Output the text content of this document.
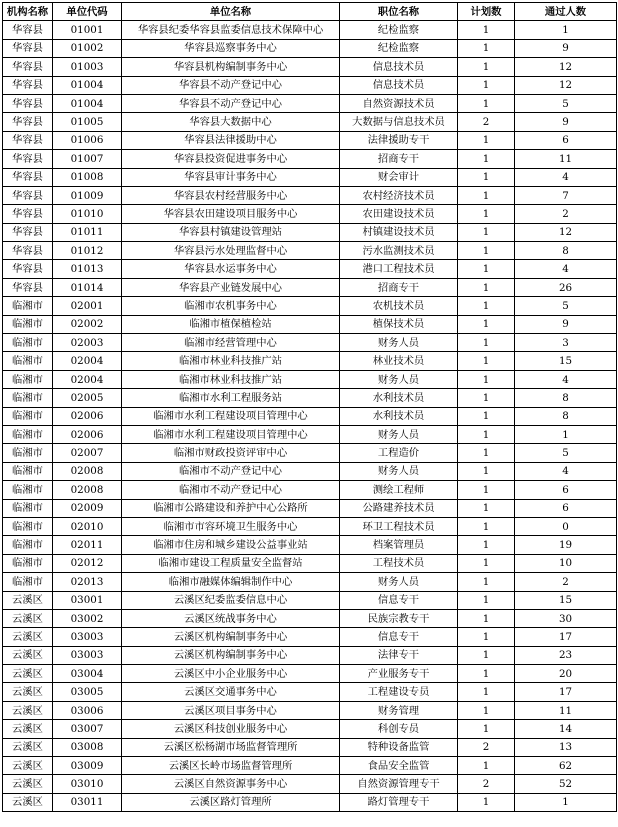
机构名称	单位代码	单位名称	职位名称	计划数	通过人数
华容县	01001	华容县纪委华容县监委信息技术保障中心	纪检监察	1	1
华容县	01002	华容县巡察事务中心	纪检监察	1	9
华容县	01003	华容县机构编制事务中心	信息技术员	1	12
华容县	01004	华容县不动产登记中心	信息技术员	1	12
华容县	01004	华容县不动产登记中心	自然资源技术员	1	5
华容县	01005	华容县大数据中心	大数据与信息技术员	2	9
华容县	01006	华容县法律援助中心	法律援助专干	1	6
华容县	01007	华容县投资促进事务中心	招商专干	1	11
华容县	01008	华容县审计事务中心	财会审计	1	4
华容县	01009	华容县农村经营服务中心	农村经济技术员	1	7
华容县	01010	华容县农田建设项目服务中心	农田建设技术员	1	2
华容县	01011	华容县村镇建设管理站	村镇建设技术员	1	12
华容县	01012	华容县污水处理监督中心	污水监测技术员	1	8
华容县	01013	华容县水运事务中心	港口工程技术员	1	4
华容县	01014	华容县产业链发展中心	招商专干	1	26
临湘市	02001	临湘市农机事务中心	农机技术员	1	5
临湘市	02002	临湘市植保植检站	植保技术员	1	9
临湘市	02003	临湘市经营管理中心	财务人员	1	3
临湘市	02004	临湘市林业科技推广站	林业技术员	1	15
临湘市	02004	临湘市林业科技推广站	财务人员	1	4
临湘市	02005	临湘市水利工程服务站	水利技术员	1	8
临湘市	02006	临湘市水利工程建设项目管理中心	水利技术员	1	8
临湘市	02006	临湘市水利工程建设项目管理中心	财务人员	1	1
临湘市	02007	临湘市财政投资评审中心	工程造价	1	5
临湘市	02008	临湘市不动产登记中心	财务人员	1	4
临湘市	02008	临湘市不动产登记中心	测绘工程师	1	6
临湘市	02009	临湘市公路建设和养护中心公路所	公路建养技术员	1	6
临湘市	02010	临湘市市容环境卫生服务中心	环卫工程技术员	1	0
临湘市	02011	临湘市住房和城乡建设公益事业站	档案管理员	1	19
临湘市	02012	临湘市建设工程质量安全监督站	工程技术员	1	10
临湘市	02013	临湘市融媒体编辑制作中心	财务人员	1	2
云溪区	03001	云溪区纪委监委信息中心	信息专干	1	15
云溪区	03002	云溪区统战事务中心	民族宗教专干	1	30
云溪区	03003	云溪区机构编制事务中心	信息专干	1	17
云溪区	03003	云溪区机构编制事务中心	法律专干	1	23
云溪区	03004	云溪区中小企业服务中心	产业服务专干	1	20
云溪区	03005	云溪区交通事务中心	工程建设专员	1	17
云溪区	03006	云溪区项目事务中心	财务管理	1	11
云溪区	03007	云溪区科技创业服务中心	科创专员	1	14
云溪区	03008	云溪区松杨湖市场监督管理所	特种设备监管	2	13
云溪区	03009	云溪区长岭市场监督管理所	食品安全监管	1	62
云溪区	03010	云溪区自然资源事务中心	自然资源管理专干	2	52
云溪区	03011	云溪区路灯管理所	路灯管理专干	1	1
